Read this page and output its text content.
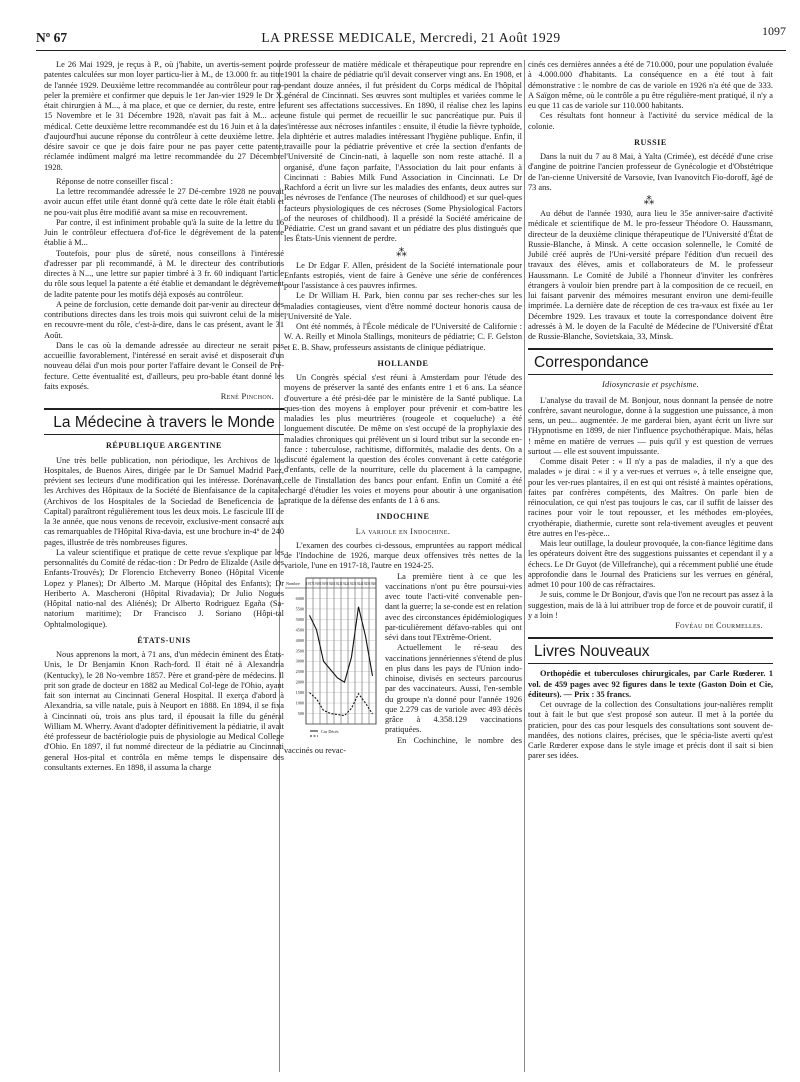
Nº 67	LA PRESSE MEDICALE, Mercredi, 21 Août 1929	1097

Le 26 Mai 1929, je reçus à P., où j'habite, un avertis-sement pour patentes calculées sur mon loyer particu-lier à M., de 13.000 fr. au titre de l'année 1929. Deuxième lettre recommandée au contrôleur pour rap-peler la première et confirmer que depuis le 1er Jan-vier 1929 le Dr X. était chirurgien à M..., à ma place, et que ce dernier, du reste, entre le 15 Novembre et le 31 Décembre 1928, n'avait pas fait à M... acte médical. Cette deuxième lettre recommandée est du 16 Juin et à la date d'aujourd'hui aucune réponse du contrôleur à cette deuxième lettre. Je désire savoir ce que je dois faire pour ne pas payer cette patente, réclamée indûment malgré ma lettre recommandée du 27 Décembre 1928.

Réponse de notre conseiller fiscal :

La lettre recommandée adressée le 27 Dé-cembre 1928 ne pouvait avoir aucun effet utile étant donné qu'à cette date le rôle était établi et ne pou-vait plus être modifié avant sa mise en recouvrement.

Par contre, il est infiniment probable qu'à la suite de la lettre du 16 Juin le contrôleur effectuera d'of-fice le dégrèvement de la patente établie à M...

Toutefois, pour plus de sûreté, nous conseillons à l'intéressé d'adresser par pli recommandé, à M. le directeur des contributions directes à N..., une lettre sur papier timbré à 3 fr. 60 indiquant l'article du rôle sous lequel la patente a été établie et demandant le dégrèvement de ladite patente pour les motifs déjà exposés au contrôleur.

A peine de forclusion, cette demande doit par-venir au directeur des contributions directes dans les trois mois qui suivront celui de la mise en recouvre-ment du rôle, c'est-à-dire, dans le cas présent, avant le 31 Août.

Dans le cas où la demande adressée au directeur ne serait pas accueillie favorablement, l'intéressé en serait avisé et disposerait d'un nouveau délai d'un mois pour porter l'affaire devant le Conseil de Pré-fecture. Cette éventualité est, d'ailleurs, peu pro-bable étant donné les faits exposés.

René Pinchon.
La Médecine à travers le Monde
RÉPUBLIQUE ARGENTINE

Une très belle publication, non périodique, les Archivos de los Hospitales, de Buenos Aires, dirigée par le Dr Samuel Madrid Paez, prévient ses lecteurs d'une modification qui les intéresse. Dorénavant, les Archives des Hôpitaux de la Société de Bienfaisance de la capitale (Archivos de los Hospitales de la Sociedad de Beneficencia de la Capital) paraîtront régulièrement tous les deux mois. Le fascicule III de la 3e année, que nous venons de recevoir, exclusive-ment consacré aux cas remarquables de l'Hôpital Riva-davia, est une brochure in-4º de 240 pages, illustrée de très nombreuses figures.

La valeur scientifique et pratique de cette revue s'explique par les personnalités du Comité de rédac-tion : Dr Pedro de Elizalde (Asile des Enfants-Trouvés); Dr Florencio Etcheverry Boneo (Hôpital Vicente Lopez y Planes); Dr Alberto .M. Marque (Hôpital des Enfants); Dr Heriberto A. Mascheroni (Hôpital Rivadavia); Dr Julio Nogues (Hôpital natio-nal des Aliénés); Dr Alberto Rodriguez Egaña (Sa-natorium maritime); Dr Francisco J. Soriano (Hôpi-tal Ophtalmologique).

ÉTATS-UNIS

Nous apprenons la mort, à 71 ans, d'un médecin éminent des États-Unis, le Dr Benjamin Knon Rach-ford. Il était né à Alexandria (Kentucky), le 28 No-vembre 1857. Père et grand-père de médecins. Il prit son grade de docteur en 1882 au Medical Col-lege de l'Ohio, ayant fait son internat au Cincinnati General Hospital. Il exerça d'abord à Alexandria, sa ville natale, puis à Neuport en 1888. En 1894, il se fixa à Cincinnati où, trois ans plus tard, il épousait la fille du général William M. Wherry. Avant d'adopter définitivement la pédiatrie, il avait été professeur de bactériologie puis de physiologie au Medical College d'Ohio. En 1897, il fut nommé directeur de la pédiatrie au Cincinnati general Hos-pital et contrôla en même temps le dispensaire des consultants externes. En 1898, il assuma la charge

de professeur de matière médicale et thérapeutique pour reprendre en 1901 la chaire de pédiatrie qu'il devait conserver vingt ans. En 1908, et pendant douze années, il fut président du Corps médical de l'hôpital général de Cincinnati. Ses œuvres sont multiples et variées comme le furent ses affectations successives. En 1890, il réalise chez les lapins une fistule qui permet de recueillir le suc pancréatique pur. Puis il s'intéresse aux nécroses infantiles : ensuite, il étudie la fièvre typhoïde, la diphtérie et autres maladies intéressant l'hygiène publique. Enfin, il travaille pour la pédiatrie préventive et crée la section d'enfants de l'Université de Cincin-nati, à laquelle son nom reste attaché. Il a organisé, d'une façon parfaite, l'Association du lait pour enfants à Cincinnati : Babies Milk Fund Association in Cincinnati. Le Dr Rachford a écrit un livre sur les maladies des enfants, deux autres sur les névroses de l'enfance (The neuroses of childhood) et sur quel-ques facteurs physiologiques de ces nécroses (Some Physiological Factors of the neuroses of childhood). Il a présidé la Société américaine de Pédiatrie. C'est un grand savant et un pédiatre des plus distingués que les États-Unis viennent de perdre.

⁂

Le Dr Edgar F. Allen, président de la Société internationale pour Enfants estropiés, vient de faire à Genève une série de conférences pour l'assistance à ces pauvres infirmes.

Le Dr William H. Park, bien connu par ses recher-ches sur les maladies contagieuses, vient d'être nommé docteur honoris causa de l'Université de Yale.

Ont été nommés, à l'École médicale de l'Université de Californie : W. A. Reilly et Minola Stallings, moniteurs de pédiatrie; C. F. Gelston et E. B. Shaw, professeurs assistants de clinique pédiatrique.

HOLLANDE

Un Congrès spécial s'est réuni à Amsterdam pour l'étude des moyens de préserver la santé des enfants entre 1 et 6 ans. La séance d'ouverture a été prési-dée par le ministère de la Santé publique. La ques-tion des moyens à employer pour prévenir et com-battre les maladies les plus meurtrières (rougeole et coqueluche) a été longuement discutée. De même on s'est occupé de la prophylaxie des maladies chroniques qui prélèvent un si lourd tribut sur la seconde en-fance : tuberculose, rachitisme, difformités, maladie des dents. On a discuté également la question des écoles convenant à cette catégorie d'enfants, celle de la nourriture, celle du placement à la campagne, celle de l'installation des bancs pour enfant. Enfin un Comité a été chargé d'étudier les voies et moyens pour aboutir à une organisation pratique de la défense des enfants de 1 à 6 ans.

INDOCHINE
La variole en Indochine.

L'examen des courbes ci-dessous, empruntées au rapport médical de l'Indochine de 1926, marque deux offensives très nettes de la variole, l'une en 1917-18, l'autre en 1924-25.

Nombre 1917 1918 1919 1920 1921 1922 1923 1924 1925 1926
500
1000
1500
2000
2500
3000
3500
4000
4500
5000
5500
6000
Cas Décès

La première tient à ce que les vaccinations n'ont pu être poursui-vies avec toute l'acti-vité convenable pen-dant la guerre; la se-conde est en relation avec des circonstances épidémiologiques par-ticulièrement défavo-rables qui ont sévi dans tout l'Extrême-Orient.

Actuellement le ré-seau des vaccinations jennériennes s'étend de plus en plus dans les pays de l'Union indo-chinoise, divisés en secteurs parcourus par des vaccinateurs. Aussi, l'en-semble du groupe n'a donné pour l'année 1926 que 2.279 cas de variole avec 493 décès grâce à 4.358.129 vaccinations pratiquées.

En Cochinchine, le nombre des vaccinés ou revac-

cinés ces dernières années a été de 710.000, pour une population évaluée à 4.000.000 d'habitants. La conséquence en a été tout à fait démonstrative : le nombre de cas de variole en 1926 n'a été que de 333. A Saïgon même, où le contrôle a pu être régulière-ment pratiqué, il n'y a eu que 11 cas de variole sur 110.000 habitants.

Ces résultats font honneur à l'activité du service médical de la colonie.

RUSSIE

Dans la nuit du 7 au 8 Mai, à Yalta (Crimée), est décédé d'une crise d'angine de poitrine l'ancien professeur de Gynécologie et d'Obstétrique de l'an-cienne Université de Varsovie, Ivan Ivanovitch Fio-doroff, âgé de 73 ans.

⁂

Au début de l'année 1930, aura lieu le 35e anniver-saire d'activité médicale et scientifique de M. le pro-fesseur Théodore O. Haussmann, directeur de la deuxième clinique thérapeutique de l'Université d'État de Russie-Blanche, à Minsk. A cette occasion solennelle, le Comité de Jubilé créé auprès de l'Uni-versité prépare l'édition d'un recueil des travaux des élèves, amis et collaborateurs de M. le professeur Haussmann. Le Comité de Jubilé a l'honneur d'inviter les confrères étrangers à vouloir bien prendre part à la composition de ce recueil, en lui faisant parvenir des mémoires mesurant environ une demi-feuille imprimée. La dernière date de réception de ces tra-vaux est fixée au 1er Décembre 1929. Les travaux et toute la correspondance doivent être adressés à M. le doyen de la Faculté de Médecine de l'Université d'État de Russie-Blanche, Sovietskaia, 33, Minsk.

Correspondance
Idiosyncrasie et psychisme.

L'analyse du travail de M. Bonjour, nous donnant la pensée de notre confrère, savant neurologue, donne à la suggestion une puissance, à mon sens, un peu... augmentée. Je me garderai bien, ayant écrit un livre sur l'Hypnotisme en 1899, de nier l'influence psychothérapique. Mais, hélas ! même en matière de verrues — puis qu'il y est question de verrues surtout — elle est souvent impuissante.

Comme disait Peter : « Il n'y a pas de maladies, il n'y a que des malades » je dirai : « il y a ver-rues et verrues », à telle enseigne que, pour les ver-rues plantaires, il en est qui ont résisté à maintes opérations, faites par confrères compétents, des Maîtres. On parle bien de réinoculation, ce qui n'est pas toujours le cas, car il suffit de laisser des racines pour voir le tout repousser, et les méthodes em-ployées, cryothérapie, diathermie, curette sont rela-tivement aveugles et peuvent être autres en l'es-pèce...

Mais leur outillage, la douleur provoquée, la con-fiance légitime dans les opérateurs doivent être des suggestions puissantes et cependant il y a échecs. Le Dr Guyot (de Villefranche), qui a récemment publié une étude approfondie dans le Journal des Praticiens sur les verrues en général, admet 10 pour 100 de cas réfractaires.

Je suis, comme le Dr Bonjour, d'avis que l'on ne recourt pas assez à la suggestion, mais de là à lui attribuer trop de force et de pouvoir curatif, il y a loin !

Fovéau de Courmelles.
Livres Nouveaux

Orthopédie et tuberculoses chirurgicales, par Carle Rœderer. 1 vol. de 459 pages avec 92 figures dans le texte (Gaston Doin et Cie, éditeurs). — Prix : 35 francs.

Cet ouvrage de la collection des Consultations jour-nalières remplit tout à fait le but que s'est proposé son auteur. Il met à la portée du praticien, pour des cas pour lesquels des consultations sont souvent de-mandées, des notions claires, précises, que le spécia-liste averti qu'est Carle Rœderer expose dans le style image et précis dont il sait si bien parer ses idées.
